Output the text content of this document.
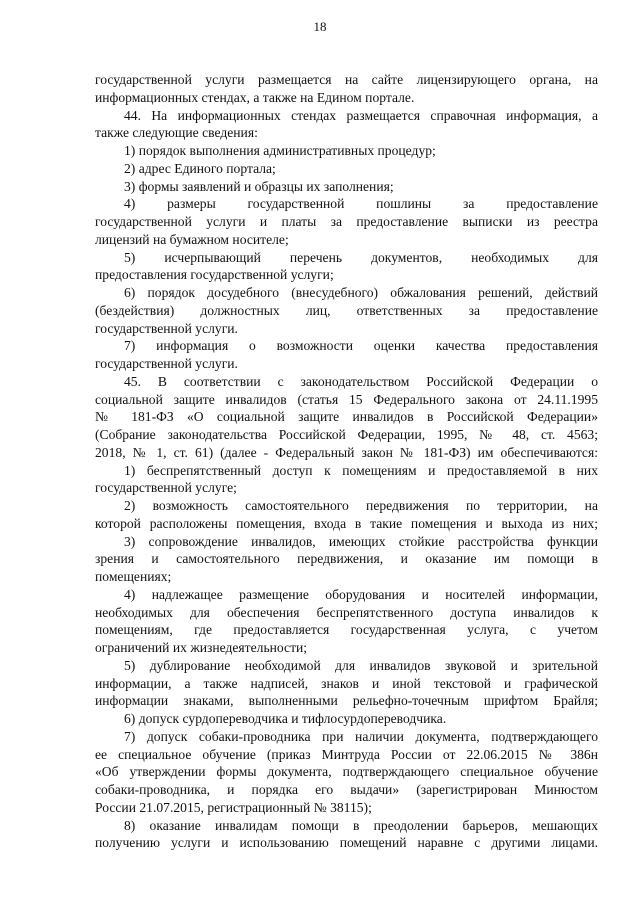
18
государственной услуги размещается на сайте лицензирующего органа, на
информационных стендах, а также на Едином портале.
44. На информационных стендах размещается справочная информация, а
также следующие сведения:
1) порядок выполнения административных процедур;
2) адрес Единого портала;
3) формы заявлений и образцы их заполнения;
4) размеры государственной пошлины за предоставление
государственной услуги и платы за предоставление выписки из реестра
лицензий на бумажном носителе;
5) исчерпывающий перечень документов, необходимых для
предоставления государственной услуги;
6) порядок досудебного (внесудебного) обжалования решений, действий
(бездействия) должностных лиц, ответственных за предоставление
государственной услуги.
7) информация о возможности оценки качества предоставления
государственной услуги.
45. В соответствии с законодательством Российской Федерации о
социальной защите инвалидов (статья 15 Федерального закона от 24.11.1995
№ 181-ФЗ «О социальной защите инвалидов в Российской Федерации»
(Собрание законодательства Российской Федерации, 1995, № 48, ст. 4563;
2018, № 1, ст. 61) (далее - Федеральный закон № 181-ФЗ) им обеспечиваются:
1) беспрепятственный доступ к помещениям и предоставляемой в них
государственной услуге;
2) возможность самостоятельного передвижения по территории, на
которой расположены помещения, входа в такие помещения и выхода из них;
3) сопровождение инвалидов, имеющих стойкие расстройства функции
зрения и самостоятельного передвижения, и оказание им помощи в
помещениях;
4) надлежащее размещение оборудования и носителей информации,
необходимых для обеспечения беспрепятственного доступа инвалидов к
помещениям, где предоставляется государственная услуга, с учетом
ограничений их жизнедеятельности;
5) дублирование необходимой для инвалидов звуковой и зрительной
информации, а также надписей, знаков и иной текстовой и графической
информации знаками, выполненными рельефно-точечным шрифтом Брайля;
6) допуск сурдопереводчика и тифлосурдопереводчика.
7) допуск собаки-проводника при наличии документа, подтверждающего
ее специальное обучение (приказ Минтруда России от 22.06.2015 № 386н
«Об утверждении формы документа, подтверждающего специальное обучение
собаки-проводника, и порядка его выдачи» (зарегистрирован Минюстом
России 21.07.2015, регистрационный № 38115);
8) оказание инвалидам помощи в преодолении барьеров, мешающих
получению услуги и использованию помещений наравне с другими лицами.
